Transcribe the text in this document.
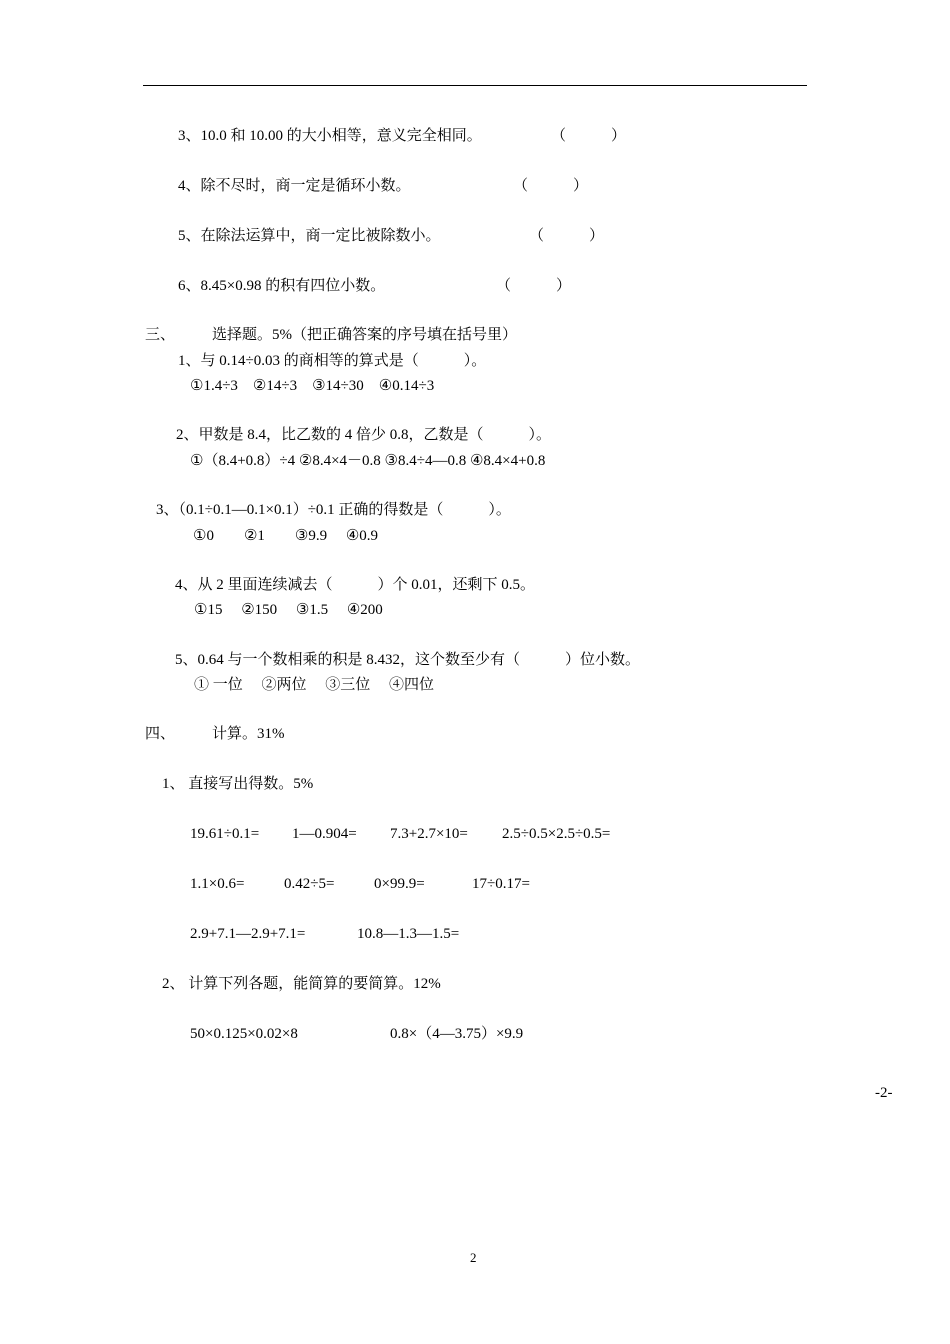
3、10.0 和 10.00 的大小相等，意义完全相同。	（　　　）
4、除不尽时，商一定是循环小数。	（　　　）
5、在除法运算中，商一定比被除数小。	（　　　）
6、8.45×0.98 的积有四位小数。	（　　　）
三、 选择题。5%（把正确答案的序号填在括号里）
1、与 0.14÷0.03 的商相等的算式是（　　　）。
①1.4÷3　②14÷3　③14÷30　④0.14÷3
2、甲数是 8.4，比乙数的 4 倍少 0.8，乙数是（　　　）。
①（8.4+0.8）÷4 ②8.4×4－0.8 ③8.4÷4—0.8 ④8.4×4+0.8
3、（0.1÷0.1—0.1×0.1）÷0.1 正确的得数是（　　　）。
①0　　②1　　③9.9　 ④0.9
4、从 2 里面连续减去（　　　）个 0.01，还剩下 0.5。
①15　 ②150　 ③1.5　 ④200
5、0.64 与一个数相乘的积是 8.432，这个数至少有（　　　）位小数。
① 一位　 ②两位　 ③三位　 ④四位
四、 计算。31%
1、 直接写出得数。5%
19.61÷0.1= 1—0.904= 7.3+2.7×10= 2.5÷0.5×2.5÷0.5=
1.1×0.6=	0.42÷5=	0×99.9=	17÷0.17=
2.9+7.1—2.9+7.1=	10.8—1.3—1.5=
2、 计算下列各题，能简算的要简算。12%
50×0.125×0.02×8	0.8×（4—3.75）×9.9
-2-
2
